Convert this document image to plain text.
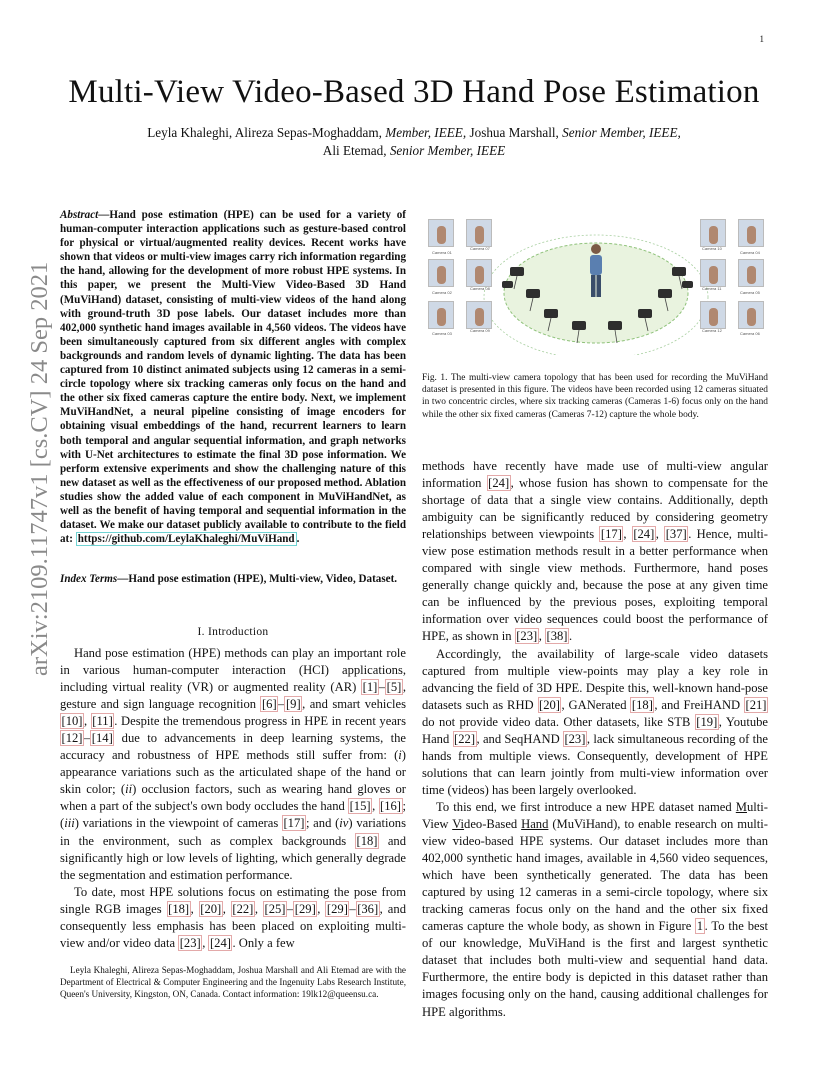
1
Multi-View Video-Based 3D Hand Pose Estimation
Leyla Khaleghi, Alireza Sepas-Moghaddam, Member, IEEE, Joshua Marshall, Senior Member, IEEE,
Ali Etemad, Senior Member, IEEE
arXiv:2109.11747v1 [cs.CV] 24 Sep 2021
Abstract—Hand pose estimation (HPE) can be used for a variety of human-computer interaction applications such as gesture-based control for physical or virtual/augmented reality devices. Recent works have shown that videos or multi-view images carry rich information regarding the hand, allowing for the development of more robust HPE systems. In this paper, we present the Multi-View Video-Based 3D Hand (MuViHand) dataset, consisting of multi-view videos of the hand along with ground-truth 3D pose labels. Our dataset includes more than 402,000 synthetic hand images available in 4,560 videos. The videos have been simultaneously captured from six different angles with complex backgrounds and random levels of dynamic lighting. The data has been captured from 10 distinct animated subjects using 12 cameras in a semi-circle topology where six tracking cameras only focus on the hand and the other six fixed cameras capture the entire body. Next, we implement MuViHandNet, a neural pipeline consisting of image encoders for obtaining visual embeddings of the hand, recurrent learners to learn both temporal and angular sequential information, and graph networks with U-Net architectures to estimate the final 3D pose information. We perform extensive experiments and show the challenging nature of this new dataset as well as the effectiveness of our proposed method. Ablation studies show the added value of each component in MuViHandNet, as well as the benefit of having temporal and sequential information in the dataset. We make our dataset publicly available to contribute to the field at: https://github.com/LeylaKhaleghi/MuViHand .
Index Terms—Hand pose estimation (HPE), Multi-view, Video, Dataset.
I. Introduction

Hand pose estimation (HPE) methods can play an important role in various human-computer interaction (HCI) applications, including virtual reality (VR) or augmented reality (AR) [1] – [5] , gesture and sign language recognition [6] – [9] , and smart vehicles [10] , [11] . Despite the tremendous progress in HPE in recent years [12] – [14] due to advancements in deep learning systems, the accuracy and robustness of HPE methods still suffer from: (i) appearance variations such as the articulated shape of the hand or skin color; (ii) occlusion factors, such as wearing hand gloves or when a part of the subject's own body occludes the hand [15] , [16] ; (iii) variations in the viewpoint of cameras [17] ; and (iv) variations in the environment, such as complex backgrounds [18] and significantly high or low levels of lighting, which generally degrade the segmentation and estimation performance.

To date, most HPE solutions focus on estimating the pose from single RGB images [18] , [20] , [22] , [25] – [29] , [29] – [36] , and consequently less emphasis has been placed on exploiting multi-view and/or video data [23] , [24] . Only a few

Leyla Khaleghi, Alireza Sepas-Moghaddam, Joshua Marshall and Ali Etemad are with the Department of Electrical & Computer Engineering and the Ingenuity Labs Research Institute, Queen's University, Kingston, ON, Canada. Contact information: 19lk12@queensu.ca.

Camera 07
Camera 01
Camera 08
Camera 02
Camera 09
Camera 03
Camera 10
Camera 04
Camera 11
Camera 05
Camera 12
Camera 06
Fig. 1. The multi-view camera topology that has been used for recording the MuViHand dataset is presented in this figure. The videos have been recorded using 12 cameras situated in two concentric circles, where six tracking cameras (Cameras 1-6) focus only on the hand while the other six fixed cameras (Cameras 7-12) capture the whole body.

methods have recently have made use of multi-view angular information [24] , whose fusion has shown to compensate for the shortage of data that a single view contains. Additionally, depth ambiguity can be significantly reduced by considering geometry relationships between viewpoints [17] , [24] , [37] . Hence, multi-view pose estimation methods result in a better performance when compared with single view methods. Furthermore, hand poses generally change quickly and, because the pose at any given time can be influenced by the previous poses, exploiting temporal information over video sequences could boost the performance of HPE, as shown in [23] , [38] .

Accordingly, the availability of large-scale video datasets captured from multiple view-points may play a key role in advancing the field of 3D HPE. Despite this, well-known hand-pose datasets such as RHD [20] , GANerated [18] , and FreiHAND [21] do not provide video data. Other datasets, like STB [19] , Youtube Hand [22] , and SeqHAND [23] , lack simultaneous recording of the hands from multiple views. Consequently, development of HPE solutions that can learn jointly from multi-view information over time (videos) has been largely overlooked.

To this end, we first introduce a new HPE dataset named Multi-View Video-Based Hand (MuViHand), to enable research on multi-view video-based HPE systems. Our dataset includes more than 402,000 synthetic hand images, available in 4,560 video sequences, which have been synthetically generated. The data has been captured by using 12 cameras in a semi-circle topology, where six tracking cameras focus only on the hand and the other six fixed cameras capture the whole body, as shown in Figure 1 . To the best of our knowledge, MuViHand is the first and largest synthetic dataset that includes both multi-view and sequential hand data. Furthermore, the entire body is depicted in this dataset rather than images focusing only on the hand, causing additional challenges for HPE algorithms.
